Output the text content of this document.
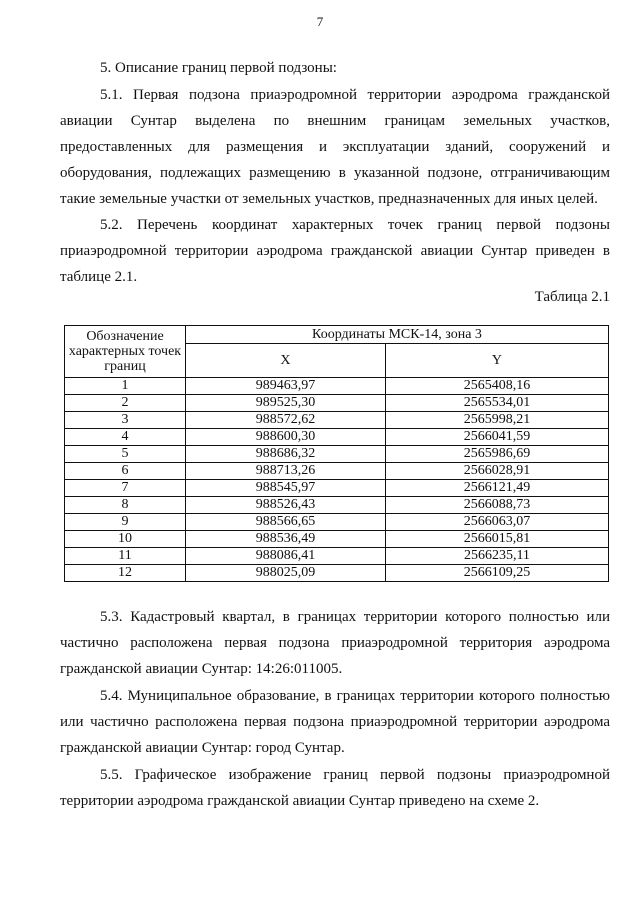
7
5. Описание границ первой подзоны:
5.1. Первая подзона приаэродромной территории аэродрома гражданской авиации Сунтар выделена по внешним границам земельных участков, предоставленных для размещения и эксплуатации зданий, сооружений и оборудования, подлежащих размещению в указанной подзоне, отграничивающим такие земельные участки от земельных участков, предназначенных для иных целей.
5.2. Перечень координат характерных точек границ первой подзоны приаэродромной территории аэродрома гражданской авиации Сунтар приведен в таблице 2.1.
Таблица 2.1
Обозначение характерных точек границ	Координаты МСК-14, зона 3	
	X	Y
1	989463,97	2565408,16
2	989525,30	2565534,01
3	988572,62	2565998,21
4	988600,30	2566041,59
5	988686,32	2565986,69
6	988713,26	2566028,91
7	988545,97	2566121,49
8	988526,43	2566088,73
9	988566,65	2566063,07
10	988536,49	2566015,81
11	988086,41	2566235,11
12	988025,09	2566109,25
5.3. Кадастровый квартал, в границах территории которого полностью или частично расположена первая подзона приаэродромной территория аэродрома гражданской авиации Сунтар: 14:26:011005.
5.4. Муниципальное образование, в границах территории которого полностью или частично расположена первая подзона приаэродромной территории аэродрома гражданской авиации Сунтар: город Сунтар.
5.5. Графическое изображение границ первой подзоны приаэродромной территории аэродрома гражданской авиации Сунтар приведено на схеме 2.
